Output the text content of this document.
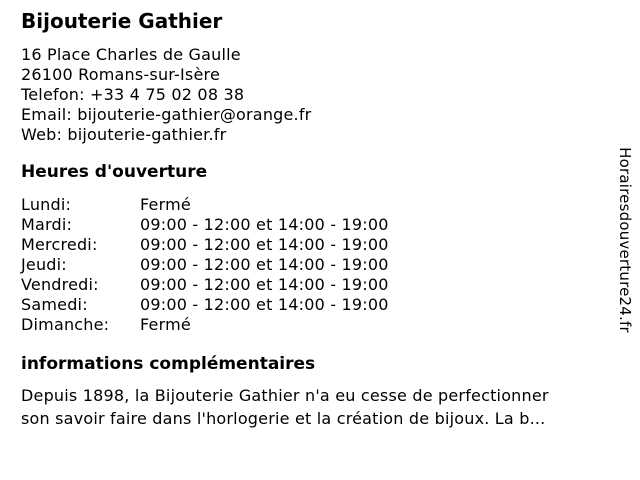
Bijouterie Gathier
16 Place Charles de Gaulle
26100 Romans-sur-Isère
Telefon: +33 4 75 02 08 38
Email: bijouterie-gathier@orange.fr
Web: bijouterie-gathier.fr
Heures d'ouverture
Lundi:	Fermé
Mardi:	09:00 - 12:00 et 14:00 - 19:00
Mercredi:	09:00 - 12:00 et 14:00 - 19:00
Jeudi:	09:00 - 12:00 et 14:00 - 19:00
Vendredi:	09:00 - 12:00 et 14:00 - 19:00
Samedi:	09:00 - 12:00 et 14:00 - 19:00
Dimanche:	Fermé
informations complémentaires
Depuis 1898, la Bijouterie Gathier n'a eu cesse de perfectionner
son savoir faire dans l'horlogerie et la création de bijoux. La b...
Horairesdouverture24.fr
